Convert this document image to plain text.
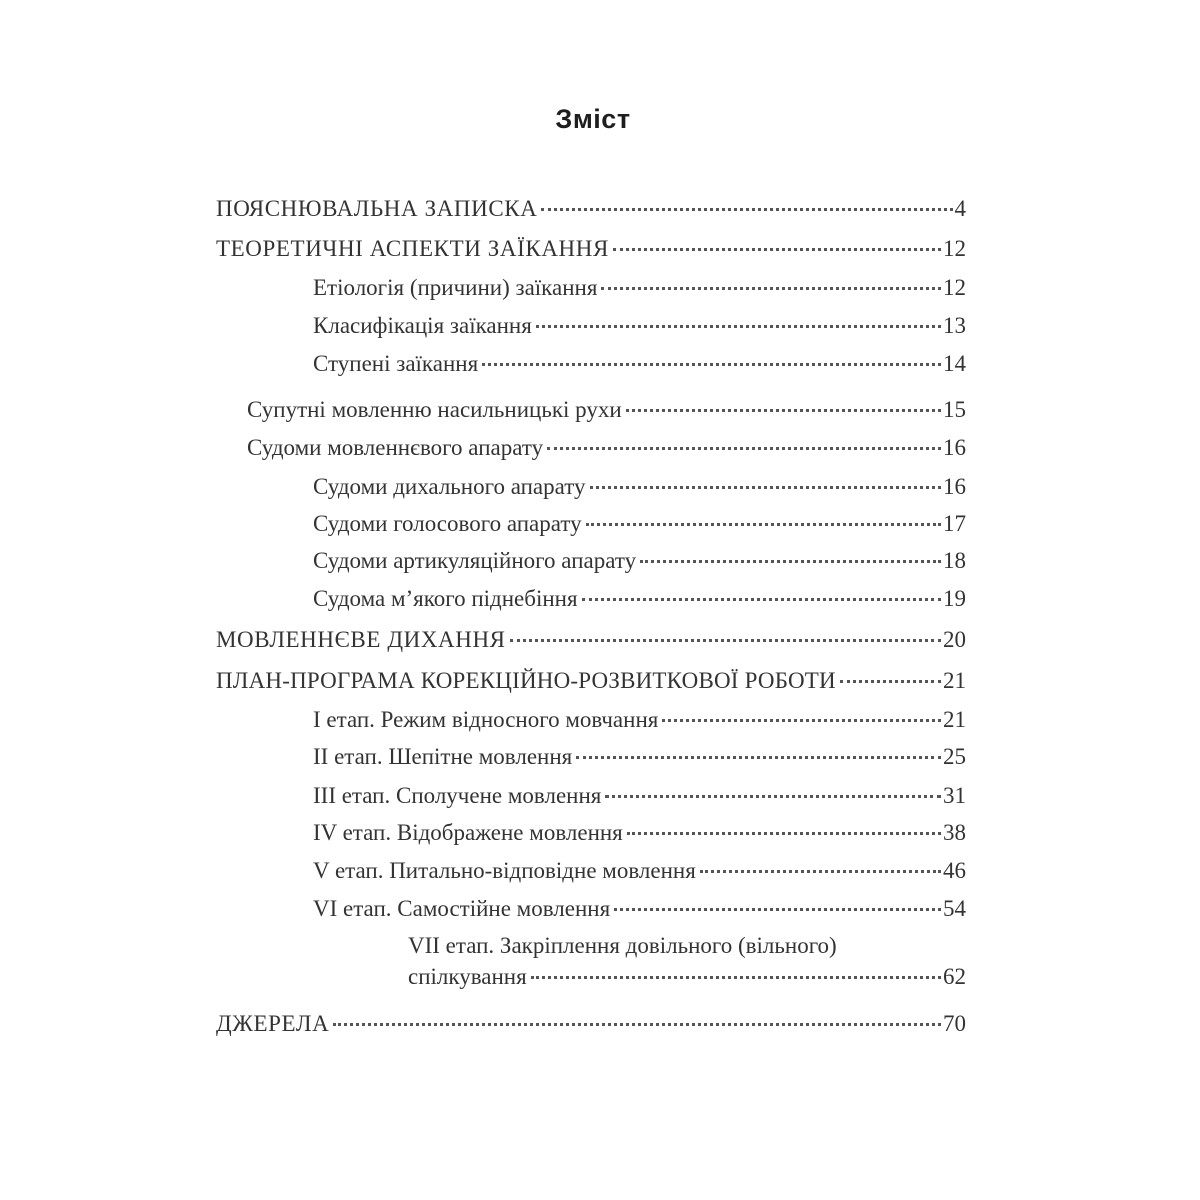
Зміст
ПОЯСНЮВАЛЬНА ЗАПИСКА	4
ТЕОРЕТИЧНІ АСПЕКТИ ЗАЇКАННЯ	12
Етіологія (причини) заїкання	12
Класифікація заїкання	13
Ступені заїкання	14
Супутні мовленню насильницькі рухи	15
Судоми мовленнєвого апарату	16
Судоми дихального апарату	16
Судоми голосового апарату	17
Судоми артикуляційного апарату	18
Судома м’якого піднебіння	19
МОВЛЕННЄВЕ ДИХАННЯ	20
ПЛАН-ПРОГРАМА КОРЕКЦІЙНО-РОЗВИТКОВОЇ РОБОТИ	21
I етап. Режим відносного мовчання	21
II етап. Шепітне мовлення	25
III етап. Сполучене мовлення	31
IV етап. Відображене мовлення	38
V етап. Питально-відповідне мовлення	46
VI етап. Самостійне мовлення	54
VII етап. Закріплення довільного (вільного)
спілкування	62
ДЖЕРЕЛА	70
